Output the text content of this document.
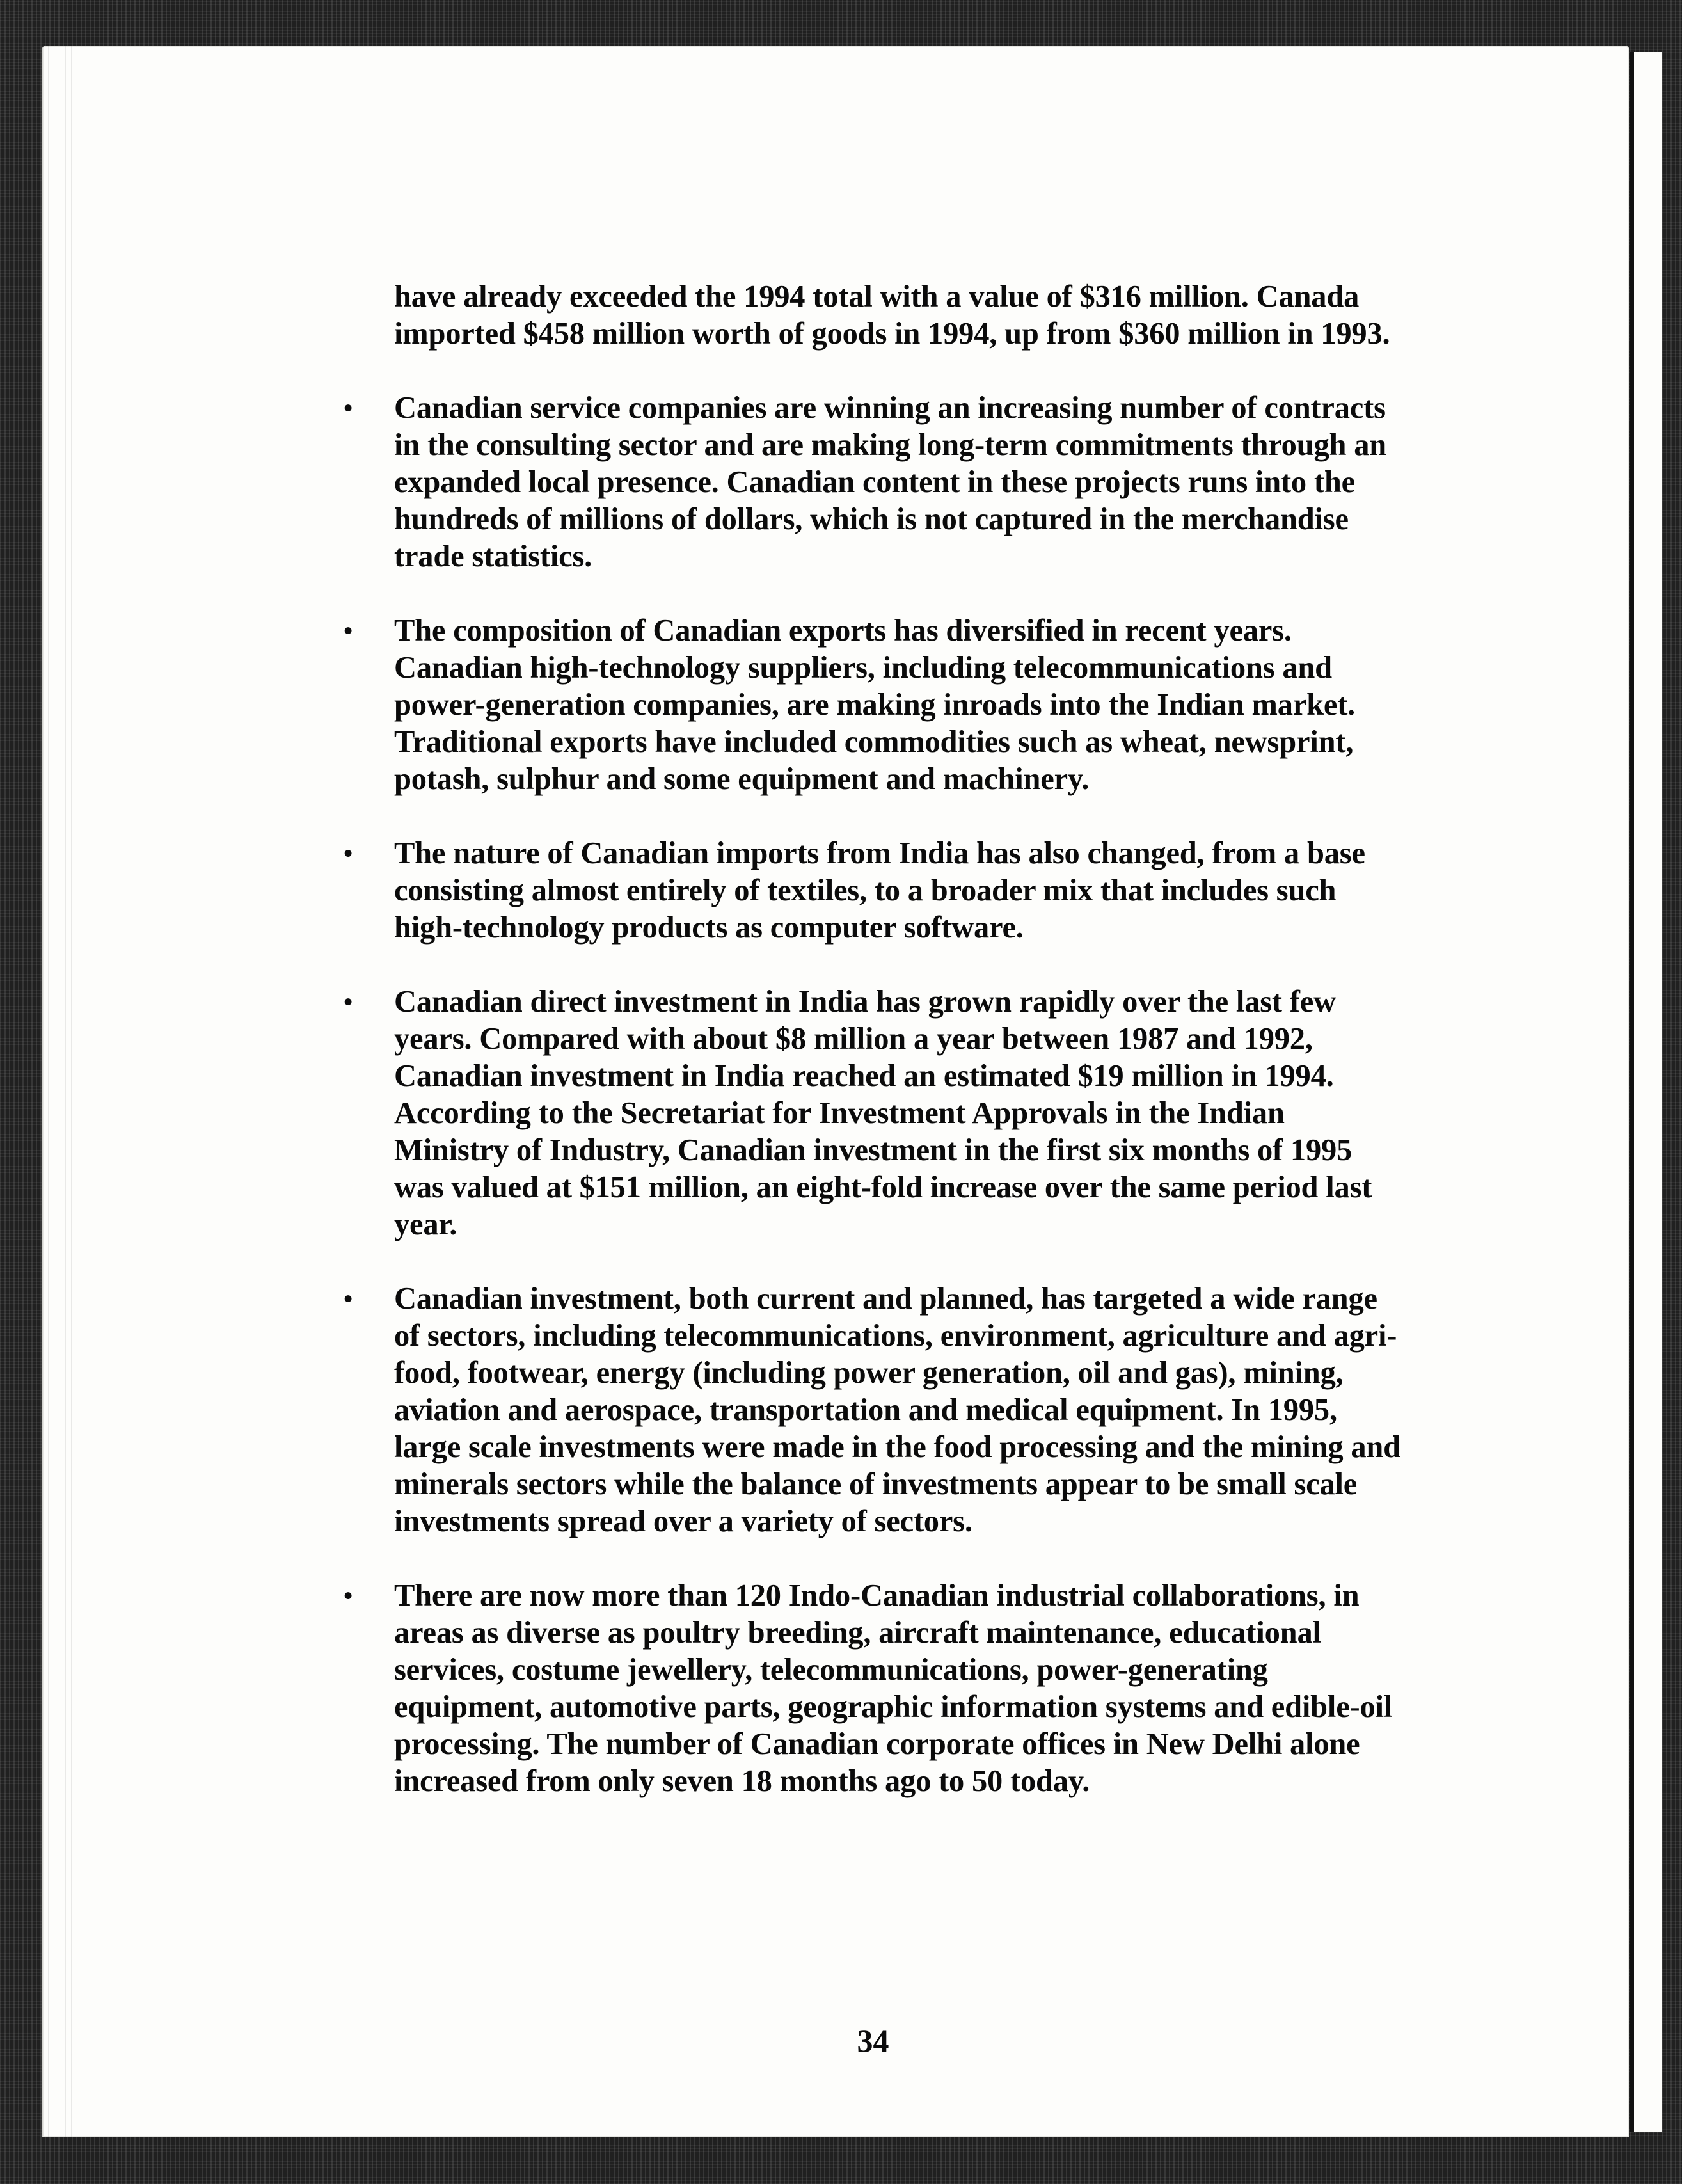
have already exceeded the 1994 total with a value of $316 million. Canada imported $458 million worth of goods in 1994, up from $360 million in 1993.

•	Canadian service companies are winning an increasing number of contracts in the consulting sector and are making long-term commitments through an expanded local presence. Canadian content in these projects runs into the hundreds of millions of dollars, which is not captured in the merchandise trade statistics.

•	The composition of Canadian exports has diversified in recent years. Canadian high-technology suppliers, including telecommunications and power-generation companies, are making inroads into the Indian market. Traditional exports have included commodities such as wheat, newsprint, potash, sulphur and some equipment and machinery.

•	The nature of Canadian imports from India has also changed, from a base consisting almost entirely of textiles, to a broader mix that includes such high-technology products as computer software.

•	Canadian direct investment in India has grown rapidly over the last few years. Compared with about $8 million a year between 1987 and 1992, Canadian investment in India reached an estimated $19 million in 1994. According to the Secretariat for Investment Approvals in the Indian Ministry of Industry, Canadian investment in the first six months of 1995 was valued at $151 million, an eight-fold increase over the same period last year.

•	Canadian investment, both current and planned, has targeted a wide range of sectors, including telecommunications, environment, agriculture and agri-food, footwear, energy (including power generation, oil and gas), mining, aviation and aerospace, transportation and medical equipment. In 1995, large scale investments were made in the food processing and the mining and minerals sectors while the balance of investments appear to be small scale investments spread over a variety of sectors.

•	There are now more than 120 Indo-Canadian industrial collaborations, in areas as diverse as poultry breeding, aircraft maintenance, educational services, costume jewellery, telecommunications, power-generating equipment, automotive parts, geographic information systems and edible-oil processing. The number of Canadian corporate offices in New Delhi alone increased from only seven 18 months ago to 50 today.

34
